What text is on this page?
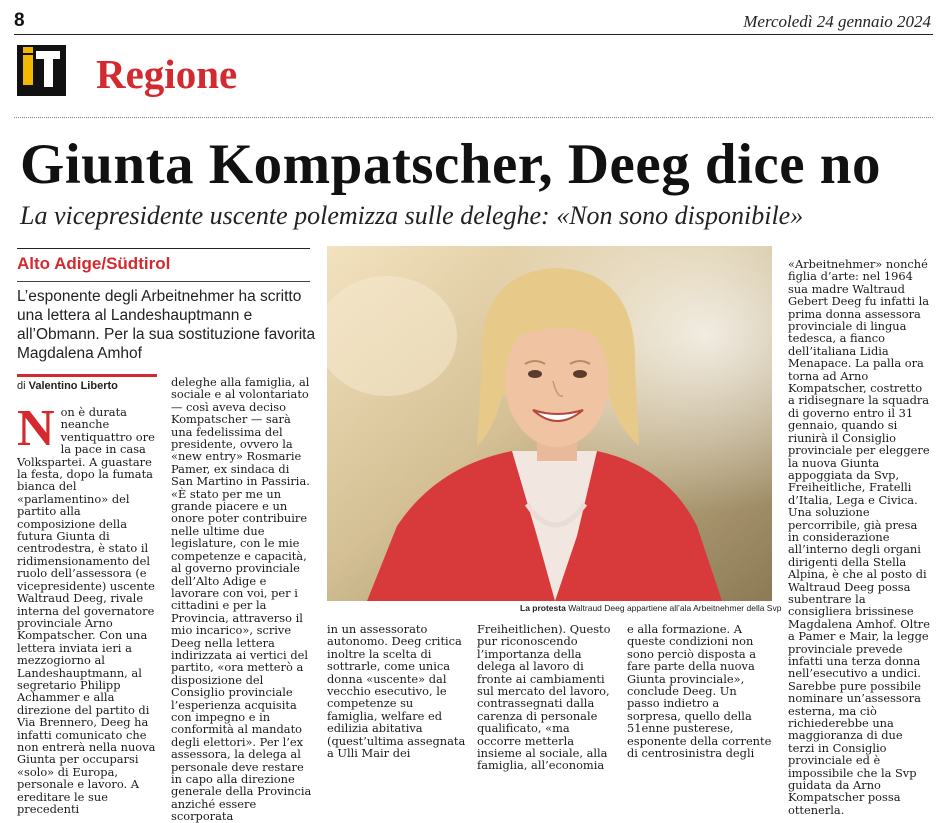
8	Mercoledì 24 gennaio 2024
Regione
Giunta Kompatscher, Deeg dice no
La vicepresidente uscente polemizza sulle deleghe: «Non sono disponibile»
Alto Adige/Südtirol
L’esponente degli Arbeitnehmer ha scritto una lettera al Landeshauptmann e all’Obmann. Per la sua sostituzione favorita Magdalena Amhof
di Valentino Liberto
N on è durata neanche ventiquattro ore la pace in casa Volkspartei. A guastare la festa, dopo la fumata bianca del «parlamentino» del partito alla composizione della futura Giunta di centrodestra, è stato il ridimensionamento del ruolo dell’assessora (e vicepresidente) uscente Waltraud Deeg, rivale interna del governatore provinciale Arno Kompatscher. Con una lettera inviata ieri a mezzogiorno al Landeshauptmann, al segretario Philipp Achammer e alla direzione del partito di Via Brennero, Deeg ha infatti comunicato che non entrerà nella nuova Giunta per occuparsi «solo» di Europa, personale e lavoro. A ereditare le sue precedenti

deleghe alla famiglia, al sociale e al volontariato — così aveva deciso Kompatscher — sarà una fedelissima del presidente, ovvero la «new entry» Rosmarie Pamer, ex sindaca di San Martino in Passiria. «È stato per me un grande piacere e un onore poter contribuire nelle ultime due legislature, con le mie competenze e capacità, al governo provinciale dell’Alto Adige e lavorare con voi, per i cittadini e per la Provincia, attraverso il mio incarico», scrive Deeg nella lettera indirizzata ai vertici del partito, «ora metterò a disposizione del Consiglio provinciale l’esperienza acquisita con impegno e in conformità al mandato degli elettori». Per l’ex assessora, la delega al personale deve restare in capo alla direzione generale della Provincia anziché essere scorporata

La protesta Waltraud Deeg appartiene all’ala Arbeitnehmer della Svp

in un assessorato autonomo. Deeg critica inoltre la scelta di sottrarle, come unica donna «uscente» dal vecchio esecutivo, le competenze su famiglia, welfare ed edilizia abitativa (quest’ultima assegnata a Ulli Mair dei

Freiheitlichen). Questo pur riconoscendo l’importanza della delega al lavoro di fronte ai cambiamenti sul mercato del lavoro, contrassegnati dalla carenza di personale qualificato, «ma occorre metterla insieme al sociale, alla famiglia, all’economia

e alla formazione. A queste condizioni non sono perciò disposta a fare parte della nuova Giunta provinciale», conclude Deeg. Un passo indietro a sorpresa, quello della 51enne pusterese, esponente della corrente di centrosinistra degli

«Arbeitnehmer» nonché figlia d’arte: nel 1964 sua madre Waltraud Gebert Deeg fu infatti la prima donna assessora provinciale di lingua tedesca, a fianco dell’italiana Lidia Menapace. La palla ora torna ad Arno Kompatscher, costretto a ridisegnare la squadra di governo entro il 31 gennaio, quando si riunirà il Consiglio provinciale per eleggere la nuova Giunta appoggiata da Svp, Freiheitliche, Fratelli d’Italia, Lega e Civica. Una soluzione percorribile, già presa in considerazione all’interno degli organi dirigenti della Stella Alpina, è che al posto di Waltraud Deeg possa subentrare la consigliera brissinese Magdalena Amhof. Oltre a Pamer e Mair, la legge provinciale prevede infatti una terza donna nell’esecutivo a undici. Sarebbe pure possibile nominare un’assessora esterna, ma ciò richiederebbe una maggioranza di due terzi in Consiglio provinciale ed è impossibile che la Svp guidata da Arno Kompatscher possa ottenerla.
